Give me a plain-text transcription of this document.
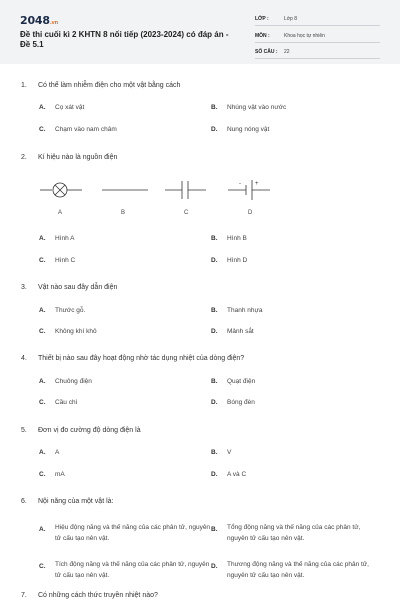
2048.vn
Đề thi cuối kì 2 KHTN 8 nối tiếp (2023-2024) có đáp án - Đề 5.1
LỚP :	Lớp 8
MÔN :	Khoa học tự nhiên
SỐ CÂU : 22
1. Có thể làm nhiễm điện cho một vật bằng cách
A. Cọ xát vật	B. Nhúng vật vào nước
C. Chạm vào nam châm	D. Nung nóng vật
2. Kí hiệu nào là nguồn điện
- +
A	B	C	D
A. Hình A	B. Hình B
C. Hình C	D. Hình D
3. Vật nào sau đây dẫn điện
A. Thước gỗ.	B. Thanh nhựa
C. Không khí khô	D. Mảnh sắt
4. Thiết bị nào sau đây hoạt động nhờ tác dụng nhiệt của dòng điện?
A. Chuông điện	B. Quạt điện
C. Cầu chì	D. Bóng đèn
5. Đơn vị đo cường độ dòng điện là
A. A	B. V
C. mA	D. A và C
6. Nội năng của một vật là:
A. Hiệu động năng và thế năng của các phân tử, nguyên tử cấu tạo nên vật.
B. Tổng động năng và thế năng của các phân tử, nguyên tử cấu tạo nên vật.
C. Tích động năng và thế năng của các phân tử, nguyên tử cấu tạo nên vật.
D. Thương động năng và thế năng của các phân tử, nguyên tử cấu tạo nên vật.
7. Có những cách thức truyền nhiệt nào?
